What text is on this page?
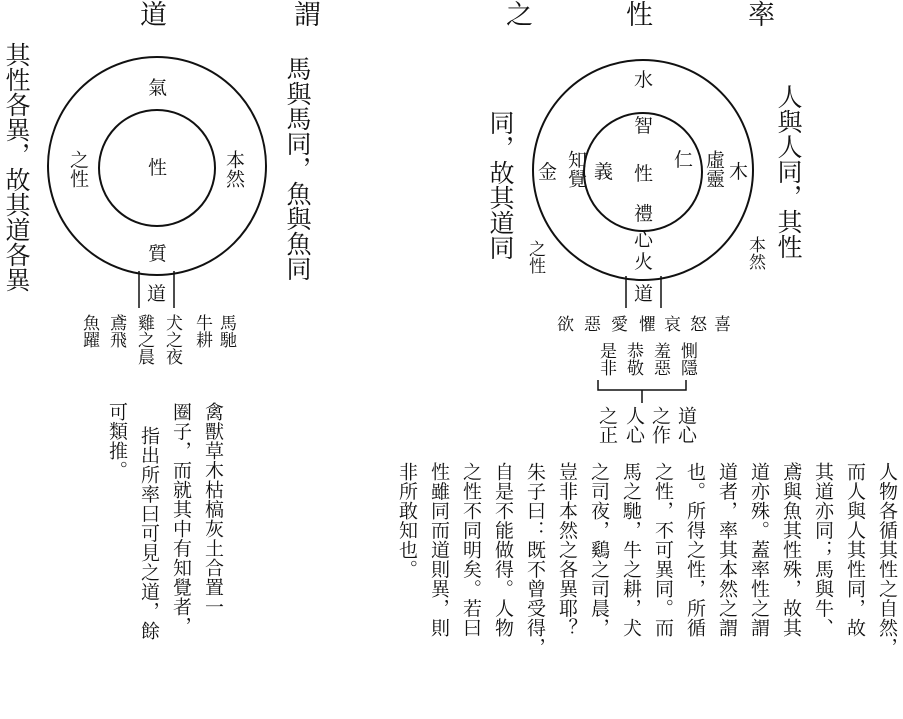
道	謂	之	性	率
性
氣
之性	本然
質
道
其性各異，故其道各異	馬與馬同，魚與魚同
馬馳
牛耕
犬之夜
雞之晨
鳶飛
魚躍
禽獸草木枯槁灰土合置一
圈子，而就其中有知覺者，
指出所率曰可見之道，餘
可類推。
性
智
仁
義
禮
水
木
金
火
虛靈
知覺
心
道
人與人同，其性
本然
同，故其道同 之性
喜
怒
哀
懼
愛
惡
欲
惻隱
羞惡
恭敬
是非
道心
之作
人心
之正
人物各循其性之自然，
而人與人其性同，故
其道亦同；馬與牛、
鳶與魚其性殊，故其
道亦殊。蓋率性之謂
道者，率其本然之謂
也。所得之性，所循
之性，不可異同。而
馬之馳，牛之耕，犬
之司夜，鷄之司晨，
豈非本然之各異耶？
朱子曰：既不曾受得，
自是不能做得。人物
之性不同明矣。若曰
性雖同而道則異，則
非所敢知也。
